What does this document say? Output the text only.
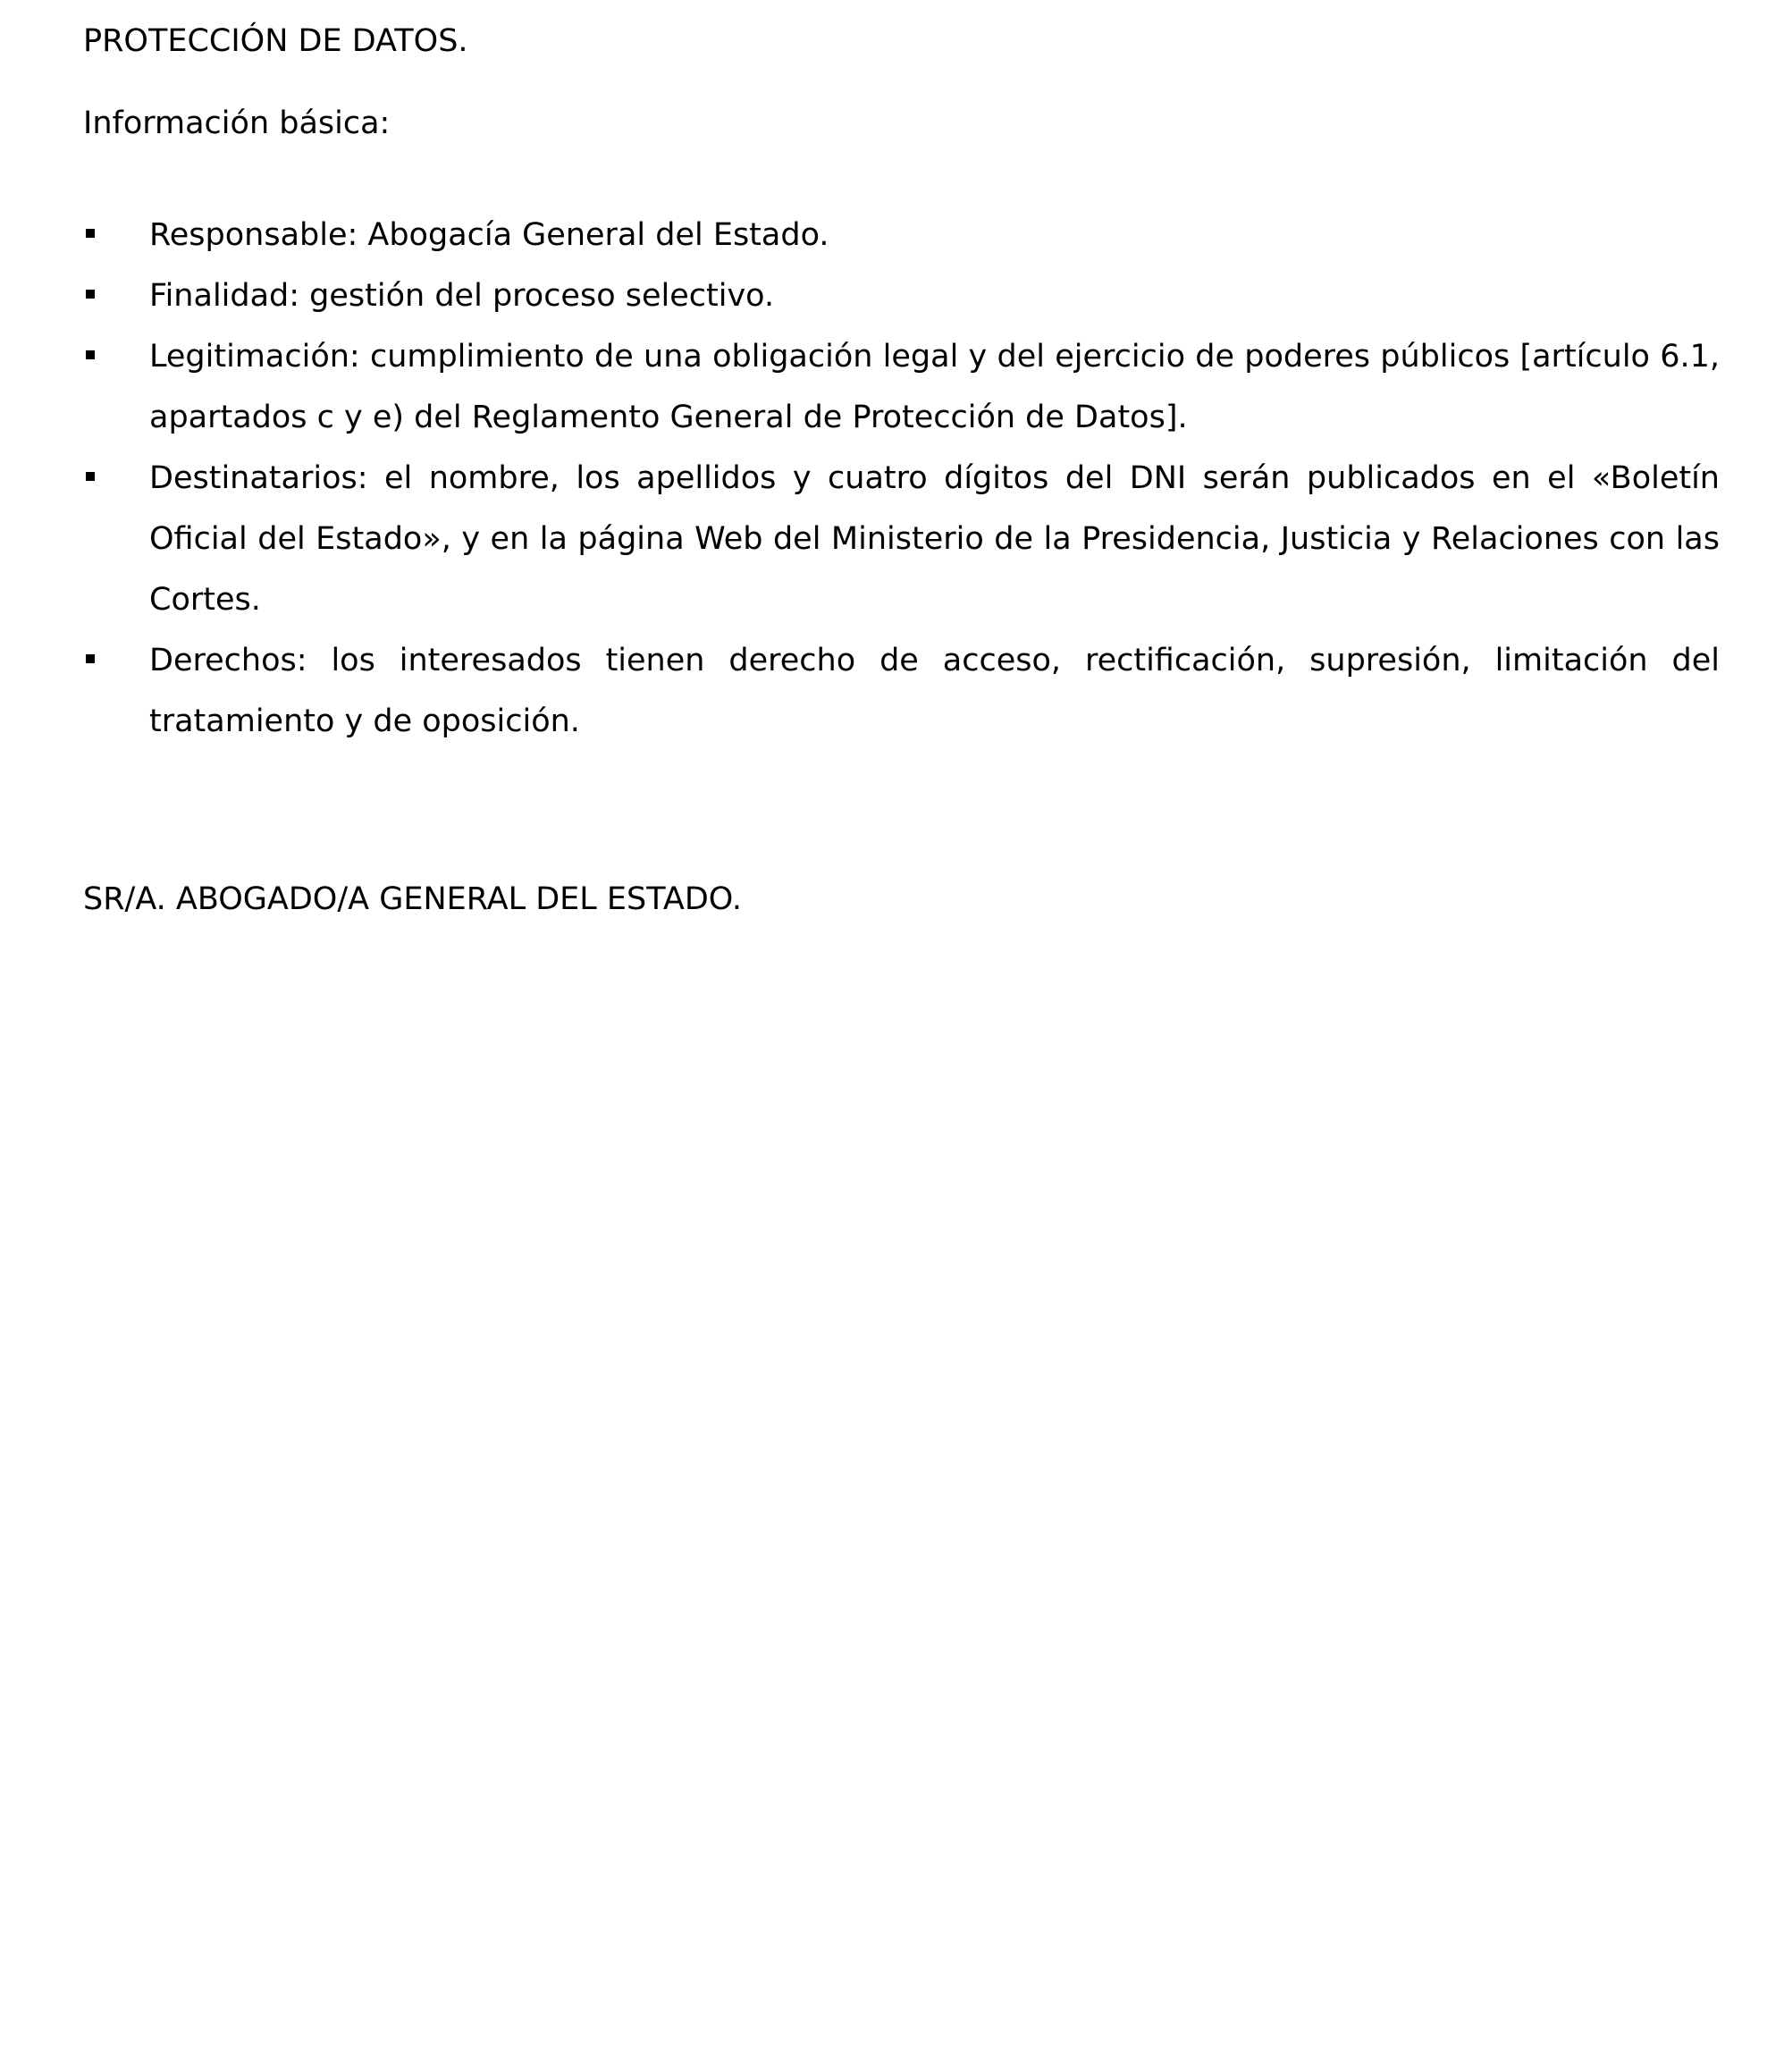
PROTECCIÓN DE DATOS.
Información básica:
Responsable: Abogacía General del Estado.
Finalidad: gestión del proceso selectivo.
Legitimación: cumplimiento de una obligación legal y del ejercicio de poderes públicos [artículo 6.1, apartados c y e) del Reglamento General de Protección de Datos].
Destinatarios: el nombre, los apellidos y cuatro dígitos del DNI serán publicados en el «Boletín Oficial del Estado», y en la página Web del Ministerio de la Presidencia, Justicia y Relaciones con las Cortes.
Derechos: los interesados tienen derecho de acceso, rectificación, supresión, limitación del tratamiento y de oposición.
SR/A. ABOGADO/A GENERAL DEL ESTADO.
